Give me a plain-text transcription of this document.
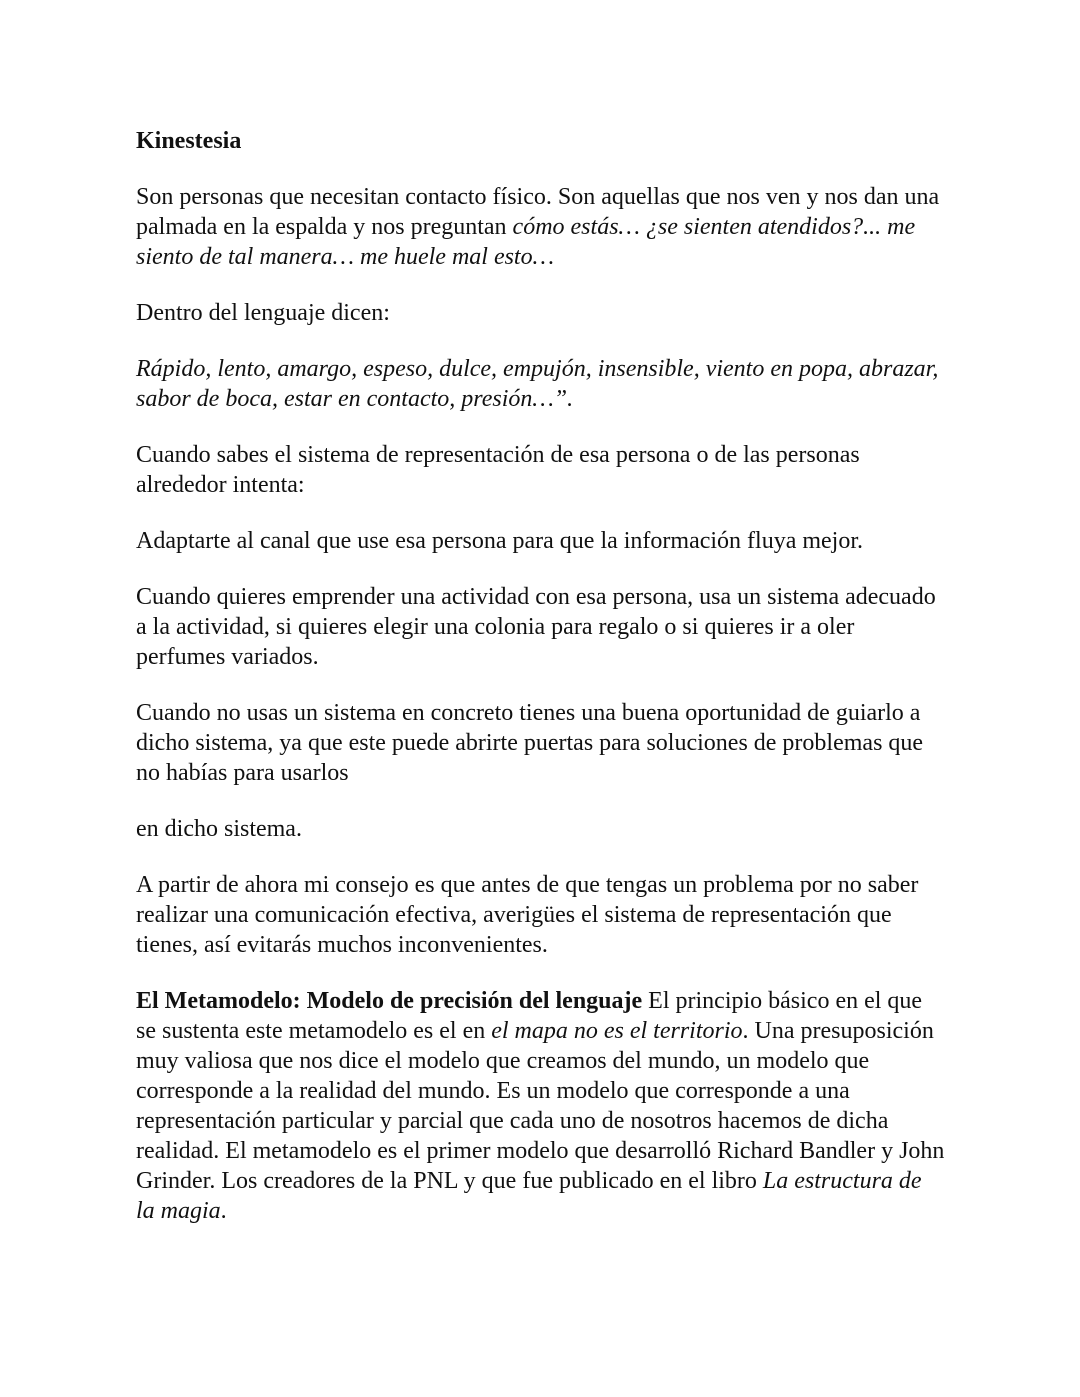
Kinestesia

Son personas que necesitan contacto físico. Son aquellas que nos ven y nos dan una palmada en la espalda y nos preguntan cómo estás… ¿se sienten atendidos?... me siento de tal manera… me huele mal esto…

Dentro del lenguaje dicen:

Rápido, lento, amargo, espeso, dulce, empujón, insensible, viento en popa, abrazar, sabor de boca, estar en contacto, presión…”.

Cuando sabes el sistema de representación de esa persona o de las personas alrededor intenta:

Adaptarte al canal que use esa persona para que la información fluya mejor.

Cuando quieres emprender una actividad con esa persona, usa un sistema adecuado a la actividad, si quieres elegir una colonia para regalo o si quieres ir a oler perfumes variados.

Cuando no usas un sistema en concreto tienes una buena oportunidad de guiarlo a dicho sistema, ya que este puede abrirte puertas para soluciones de problemas que no habías para usarlos

en dicho sistema.

A partir de ahora mi consejo es que antes de que tengas un problema por no saber realizar una comunicación efectiva, averigües el sistema de representación que tienes, así evitarás muchos inconvenientes.

El Metamodelo: Modelo de precisión del lenguaje El principio básico en el que se sustenta este metamodelo es el en el mapa no es el territorio. Una presuposición muy valiosa que nos dice el modelo que creamos del mundo, un modelo que corresponde a la realidad del mundo. Es un modelo que corresponde a una representación particular y parcial que cada uno de nosotros hacemos de dicha realidad. El metamodelo es el primer modelo que desarrolló Richard Bandler y John Grinder. Los creadores de la PNL y que fue publicado en el libro La estructura de la magia.
